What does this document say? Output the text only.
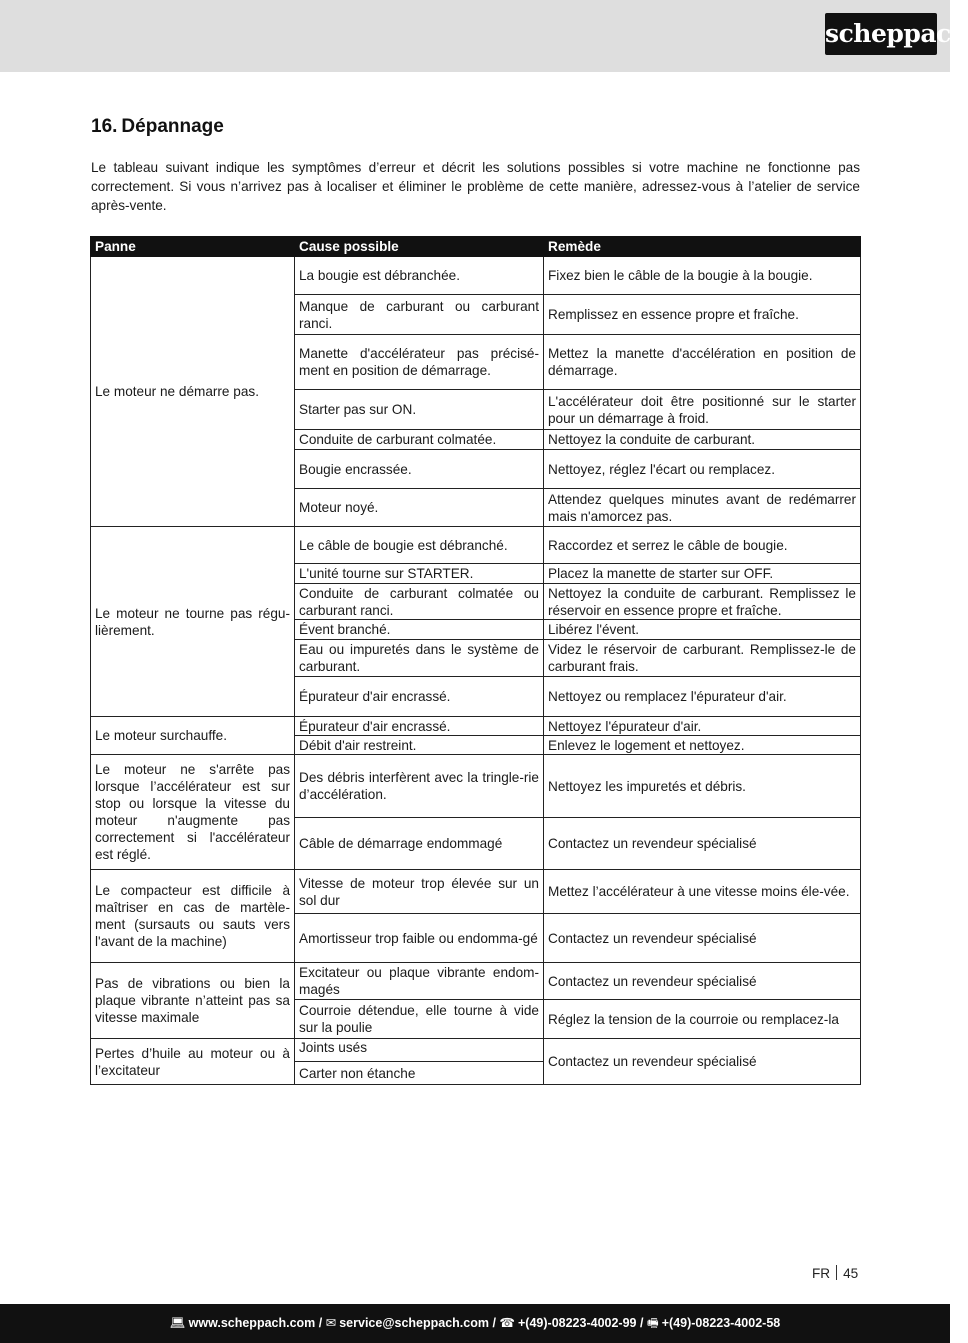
scheppach
16. Dépannage

Le tableau suivant indique les symptômes d’erreur et décrit les solutions possibles si votre machine ne fonctionne pas correctement. Si vous n’arrivez pas à localiser et éliminer le problème de cette manière, adressez-vous à l’atelier de service après-vente.

Panne	Cause possible	Remède
Le moteur ne démarre pas.	La bougie est débranchée.	Fixez bien le câble de la bougie à la bougie.
	Manque de carburant ou carburant ranci.	Remplissez en essence propre et fraîche.
	Manette d'accélérateur pas précisé-ment en position de démarrage.	Mettez la manette d'accélération en position de démarrage.
	Starter pas sur ON.	L'accélérateur doit être positionné sur le starter pour un démarrage à froid.
	Conduite de carburant colmatée.	Nettoyez la conduite de carburant.
	Bougie encrassée.	Nettoyez, réglez l'écart ou remplacez.
	Moteur noyé.	Attendez quelques minutes avant de redémarrer mais n'amorcez pas.
Le moteur ne tourne pas régu-lièrement.	Le câble de bougie est débranché.	Raccordez et serrez le câble de bougie.
	L'unité tourne sur STARTER.	Placez la manette de starter sur OFF.
	Conduite de carburant colmatée ou carburant ranci.	Nettoyez la conduite de carburant. Remplissez le réservoir en essence propre et fraîche.
	Évent branché.	Libérez l'évent.
	Eau ou impuretés dans le système de carburant.	Videz le réservoir de carburant. Remplissez-le de carburant frais.
	Épurateur d'air encrassé.	Nettoyez ou remplacez l'épurateur d'air.
Le moteur surchauffe.	Épurateur d'air encrassé.	Nettoyez l'épurateur d'air.
	Débit d'air restreint.	Enlevez le logement et nettoyez.
Le moteur ne s'arrête pas lorsque l’accélérateur est sur stop ou lorsque la vitesse du moteur n'augmente pas correctement si l'accélérateur est réglé.	Des débris interfèrent avec la tringle-rie d’accélération.	Nettoyez les impuretés et débris.
	Câble de démarrage endommagé	Contactez un revendeur spécialisé
Le compacteur est difficile à maîtriser en cas de martèle-ment (sursauts ou sauts vers l'avant de la machine)	Vitesse de moteur trop élevée sur un sol dur	Mettez l’accélérateur à une vitesse moins éle-vée.
	Amortisseur trop faible ou endomma-gé	Contactez un revendeur spécialisé
Pas de vibrations ou bien la plaque vibrante n’atteint pas sa vitesse maximale	Excitateur ou plaque vibrante endom-magés	Contactez un revendeur spécialisé
	Courroie détendue, elle tourne à vide sur la poulie	Réglez la tension de la courroie ou remplacez-la
Pertes d’huile au moteur ou à l’excitateur	Joints usés	Contactez un revendeur spécialisé
	Carter non étanche	
FR 45
💻︎ www.scheppach.com / ✉︎ service@scheppach.com / ☎︎ +(49)-08223-4002-99 / 🖷︎ +(49)-08223-4002-58
